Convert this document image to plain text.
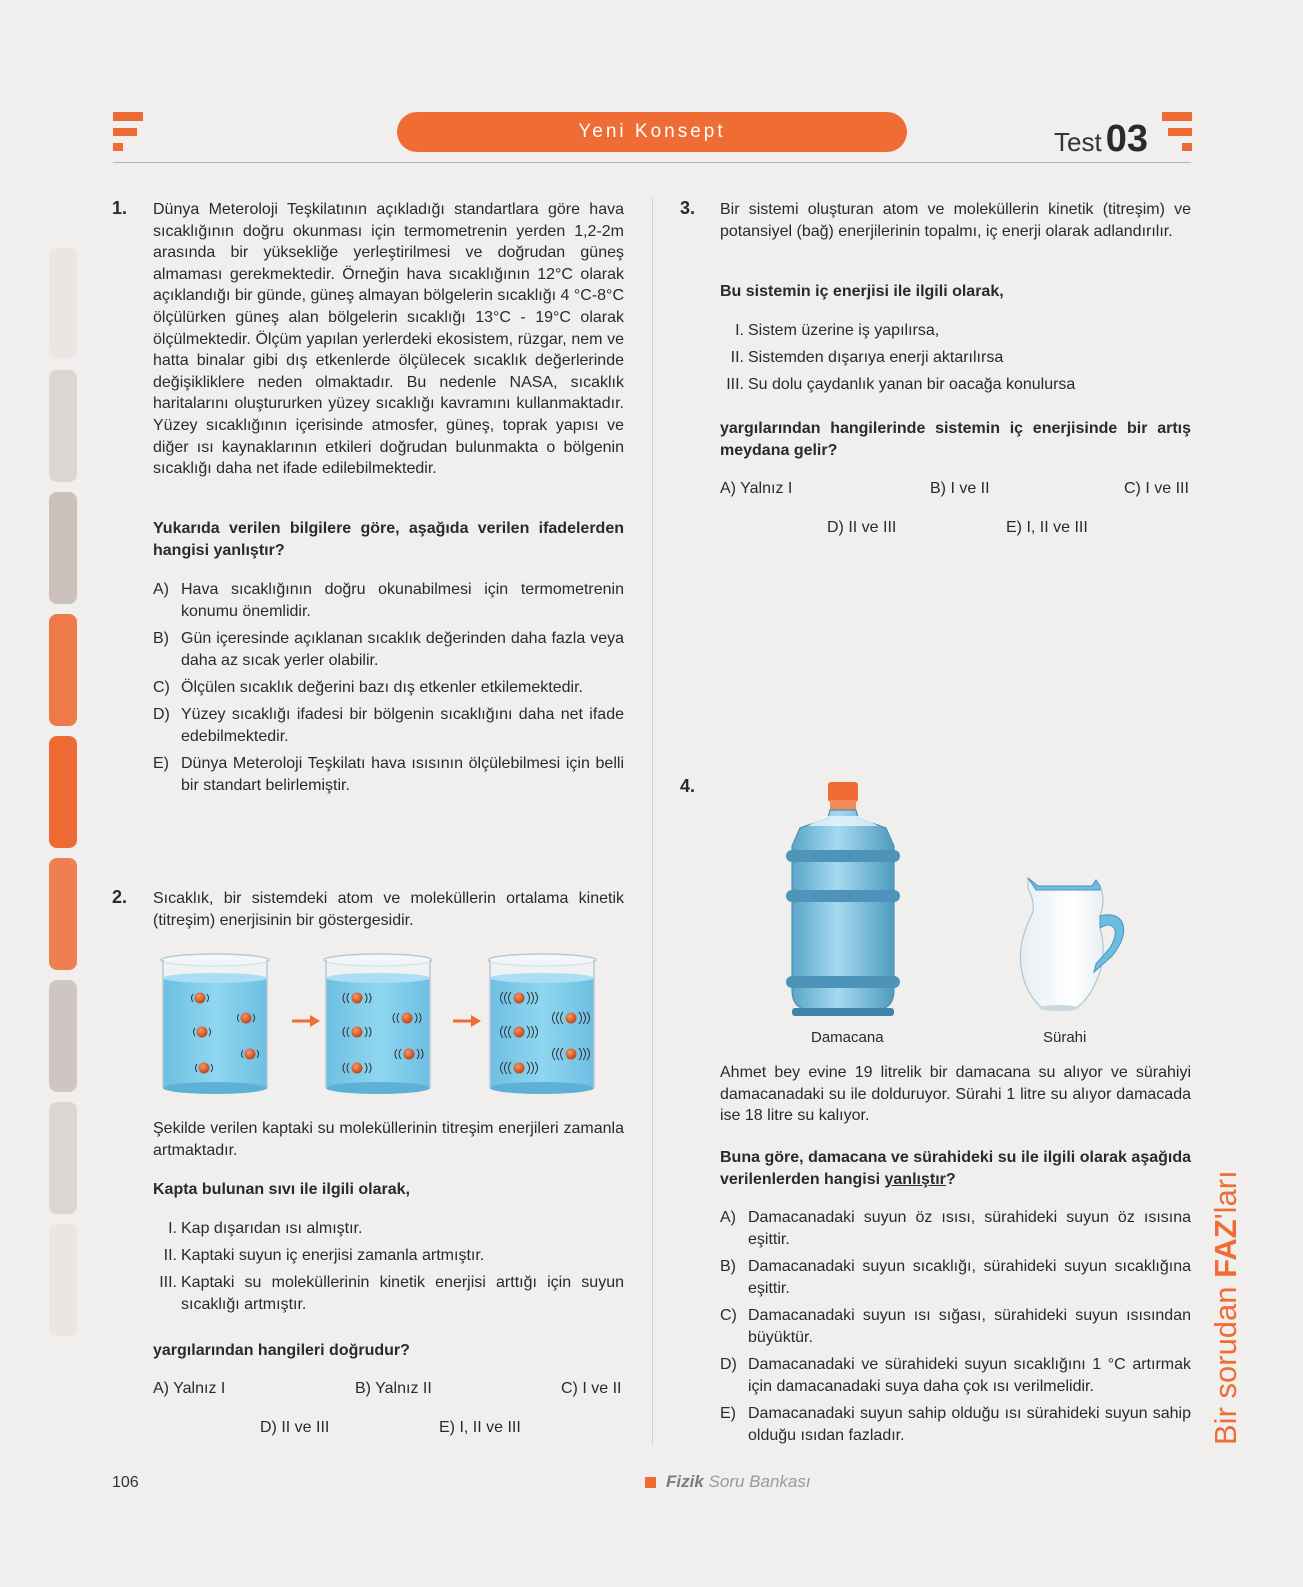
Yeni Konsept	Test 03
1. Dünya Meteroloji Teşkilatının açıkladığı standartlara göre hava sıcaklığının doğru okunması için termometrenin yerden 1,2-2m arasında bir yüksekliğe yerleştirilmesi ve doğrudan güneş almaması gerekmektedir. Örneğin hava sıcaklığının 12°C olarak açıklandığı bir günde, güneş almayan bölgelerin sıcaklığı 4 °C-8°C ölçülürken güneş alan bölgelerin sıcaklığı 13°C - 19°C olarak ölçülmektedir. Ölçüm yapılan yerlerdeki ekosistem, rüzgar, nem ve hatta binalar gibi dış etkenlerde ölçülecek sıcaklık değerlerinde değişikliklere neden olmaktadır. Bu nedenle NASA, sıcaklık haritalarını oluştururken yüzey sıcaklığı kavramını kullanmaktadır. Yüzey sıcaklığının içerisinde atmosfer, güneş, toprak yapısı ve diğer ısı kaynaklarının etkileri doğrudan bulunmakta o bölgenin sıcaklığı daha net ifade edilebilmektedir.
Yukarıda verilen bilgilere göre, aşağıda verilen ifadelerden hangisi yanlıştır?
A) Hava sıcaklığının doğru okunabilmesi için termometrenin konumu önemlidir.
B) Gün içeresinde açıklanan sıcaklık değerinden daha fazla veya daha az sıcak yerler olabilir.
C) Ölçülen sıcaklık değerini bazı dış etkenler etkilemektedir.
D) Yüzey sıcaklığı ifadesi bir bölgenin sıcaklığını daha net ifade edebilmektedir.
E) Dünya Meteroloji Teşkilatı hava ısısının ölçülebilmesi için belli bir standart belirlemiştir.
2. Sıcaklık, bir sistemdeki atom ve moleküllerin ortalama kinetik (titreşim) enerjisinin bir göstergesidir.
Şekilde verilen kaptaki su moleküllerinin titreşim enerjileri zamanla artmaktadır.
Kapta bulunan sıvı ile ilgili olarak,
I. Kap dışarıdan ısı almıştır.
II. Kaptaki suyun iç enerjisi zamanla artmıştır.
III. Kaptaki su moleküllerinin kinetik enerjisi arttığı için suyun sıcaklığı artmıştır.
yargılarından hangileri doğrudur?
A) Yalnız I	B) Yalnız II	C) I ve II
D) II ve III	E) I, II ve III
3. Bir sistemi oluşturan atom ve moleküllerin kinetik (titreşim) ve potansiyel (bağ) enerjilerinin topalmı, iç enerji olarak adlandırılır.
Bu sistemin iç enerjisi ile ilgili olarak,
I. Sistem üzerine iş yapılırsa,
II. Sistemden dışarıya enerji aktarılırsa
III. Su dolu çaydanlık yanan bir oacağa konulursa
yargılarından hangilerinde sistemin iç enerjisinde bir artış meydana gelir?
A) Yalnız I	B) I ve II	C) I ve III
D) II ve III	E) I, II ve III
4.
Damacana	Sürahi
Ahmet bey evine 19 litrelik bir damacana su alıyor ve sürahiyi damacanadaki su ile dolduruyor. Sürahi 1 litre su alıyor damacada ise 18 litre su kalıyor.
Buna göre, damacana ve sürahideki su ile ilgili olarak aşağıda verilenlerden hangisi yanlıştır?
A) Damacanadaki suyun öz ısısı, sürahideki suyun öz ısısına eşittir.
B) Damacanadaki suyun sıcaklığı, sürahideki suyun sıcaklığına eşittir.
C) Damacanadaki suyun ısı sığası, sürahideki suyun ısısından büyüktür.
D) Damacanadaki ve sürahideki suyun sıcaklığını 1 °C artırmak için damacanadaki suya daha çok ısı verilmelidir.
E) Damacanadaki suyun sahip olduğu ısı sürahideki suyun sahip olduğu ısıdan fazladır.	Bir sorudan FAZ'ları
106	Fizik Soru Bankası
